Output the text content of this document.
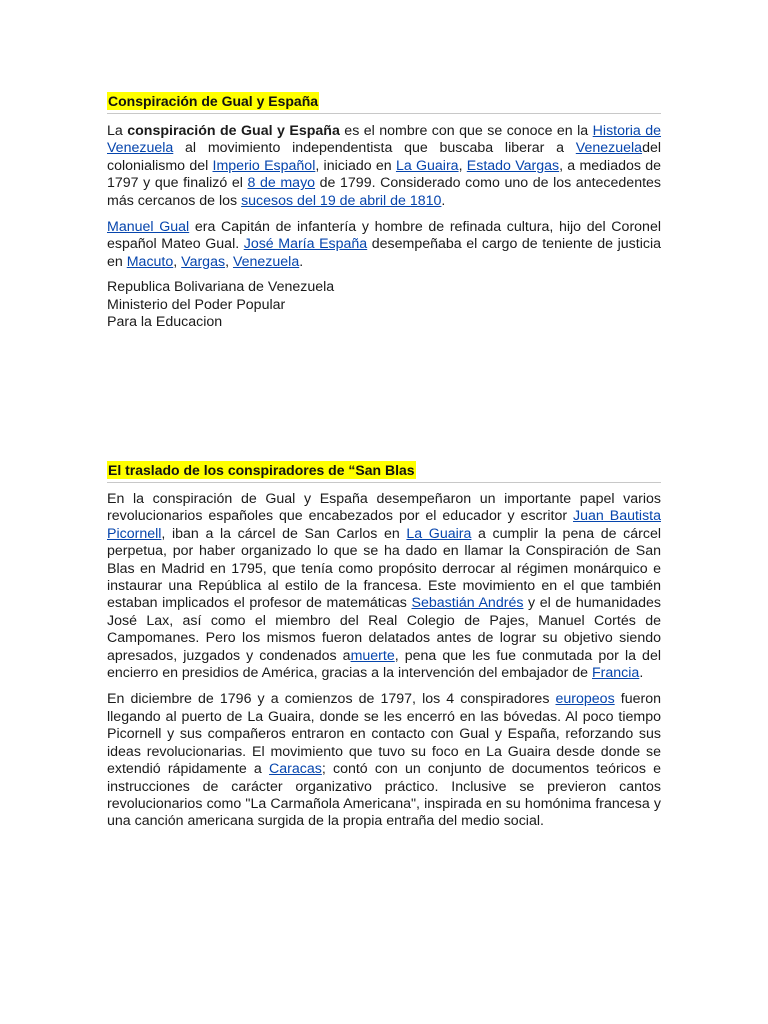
Conspiración de Gual y España

La conspiración de Gual y España es el nombre con que se conoce en la Historia de Venezuela al movimiento independentista que buscaba liberar a Venezueladel colonialismo del Imperio Español, iniciado en La Guaira, Estado Vargas, a mediados de 1797 y que finalizó el 8 de mayo de 1799. Considerado como uno de los antecedentes más cercanos de los sucesos del 19 de abril de 1810.

Manuel Gual era Capitán de infantería y hombre de refinada cultura, hijo del Coronel español Mateo Gual. José María España desempeñaba el cargo de teniente de justicia en Macuto, Vargas, Venezuela.

Republica Bolivariana de Venezuela
Ministerio del Poder Popular
Para la Educacion

El traslado de los conspiradores de “San Blas

En la conspiración de Gual y España desempeñaron un importante papel varios revolucionarios españoles que encabezados por el educador y escritor Juan Bautista Picornell, iban a la cárcel de San Carlos en La Guaira a cumplir la pena de cárcel perpetua, por haber organizado lo que se ha dado en llamar la Conspiración de San Blas en Madrid en 1795, que tenía como propósito derrocar al régimen monárquico e instaurar una República al estilo de la francesa. Este movimiento en el que también estaban implicados el profesor de matemáticas Sebastián Andrés y el de humanidades José Lax, así como el miembro del Real Colegio de Pajes, Manuel Cortés de Campomanes. Pero los mismos fueron delatados antes de lograr su objetivo siendo apresados, juzgados y condenados amuerte, pena que les fue conmutada por la del encierro en presidios de América, gracias a la intervención del embajador de Francia.

En diciembre de 1796 y a comienzos de 1797, los 4 conspiradores europeos fueron llegando al puerto de La Guaira, donde se les encerró en las bóvedas. Al poco tiempo Picornell y sus compañeros entraron en contacto con Gual y España, reforzando sus ideas revolucionarias. El movimiento que tuvo su foco en La Guaira desde donde se extendió rápidamente a Caracas; contó con un conjunto de documentos teóricos e instrucciones de carácter organizativo práctico. Inclusive se previeron cantos revolucionarios como "La Carmañola Americana", inspirada en su homónima francesa y una canción americana surgida de la propia entraña del medio social.
